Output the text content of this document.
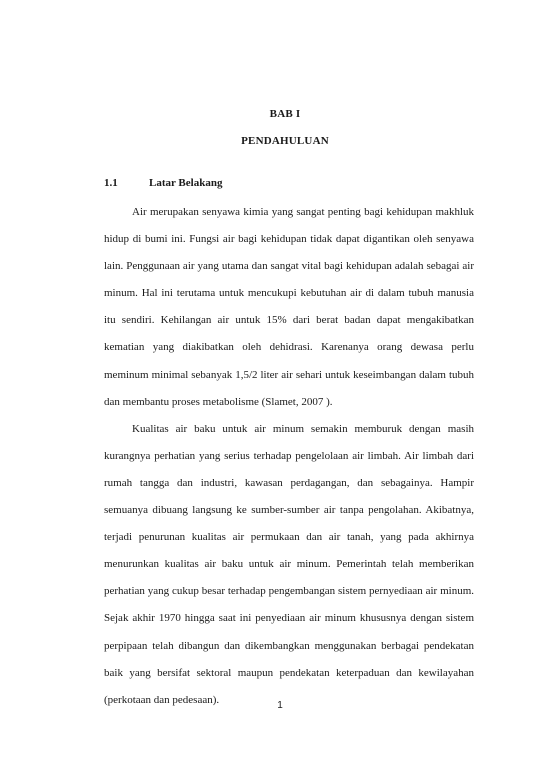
BAB I
PENDAHULUAN
1.1	Latar Belakang

Air merupakan senyawa kimia yang sangat penting bagi kehidupan makhluk hidup di bumi ini. Fungsi air bagi kehidupan tidak dapat digantikan oleh senyawa lain. Penggunaan air yang utama dan sangat vital bagi kehidupan adalah sebagai air minum. Hal ini terutama untuk mencukupi kebutuhan air di dalam tubuh manusia itu sendiri. Kehilangan air untuk 15% dari berat badan dapat mengakibatkan kematian yang diakibatkan oleh dehidrasi. Karenanya orang dewasa perlu meminum minimal sebanyak 1,5/2 liter air sehari untuk keseimbangan dalam tubuh dan membantu proses metabolisme (Slamet, 2007 ).

Kualitas air baku untuk air minum semakin memburuk dengan masih kurangnya perhatian yang serius terhadap pengelolaan air limbah. Air limbah dari rumah tangga dan industri, kawasan perdagangan, dan sebagainya. Hampir semuanya dibuang langsung ke sumber-sumber air tanpa pengolahan. Akibatnya, terjadi penurunan kualitas air permukaan dan air tanah, yang pada akhirnya menurunkan kualitas air baku untuk air minum. Pemerintah telah memberikan perhatian yang cukup besar terhadap pengembangan sistem pernyediaan air minum. Sejak akhir 1970 hingga saat ini penyediaan air minum khususnya dengan sistem perpipaan telah dibangun dan dikembangkan menggunakan berbagai pendekatan baik yang bersifat sektoral maupun pendekatan keterpaduan dan kewilayahan (perkotaan dan pedesaan).	1
